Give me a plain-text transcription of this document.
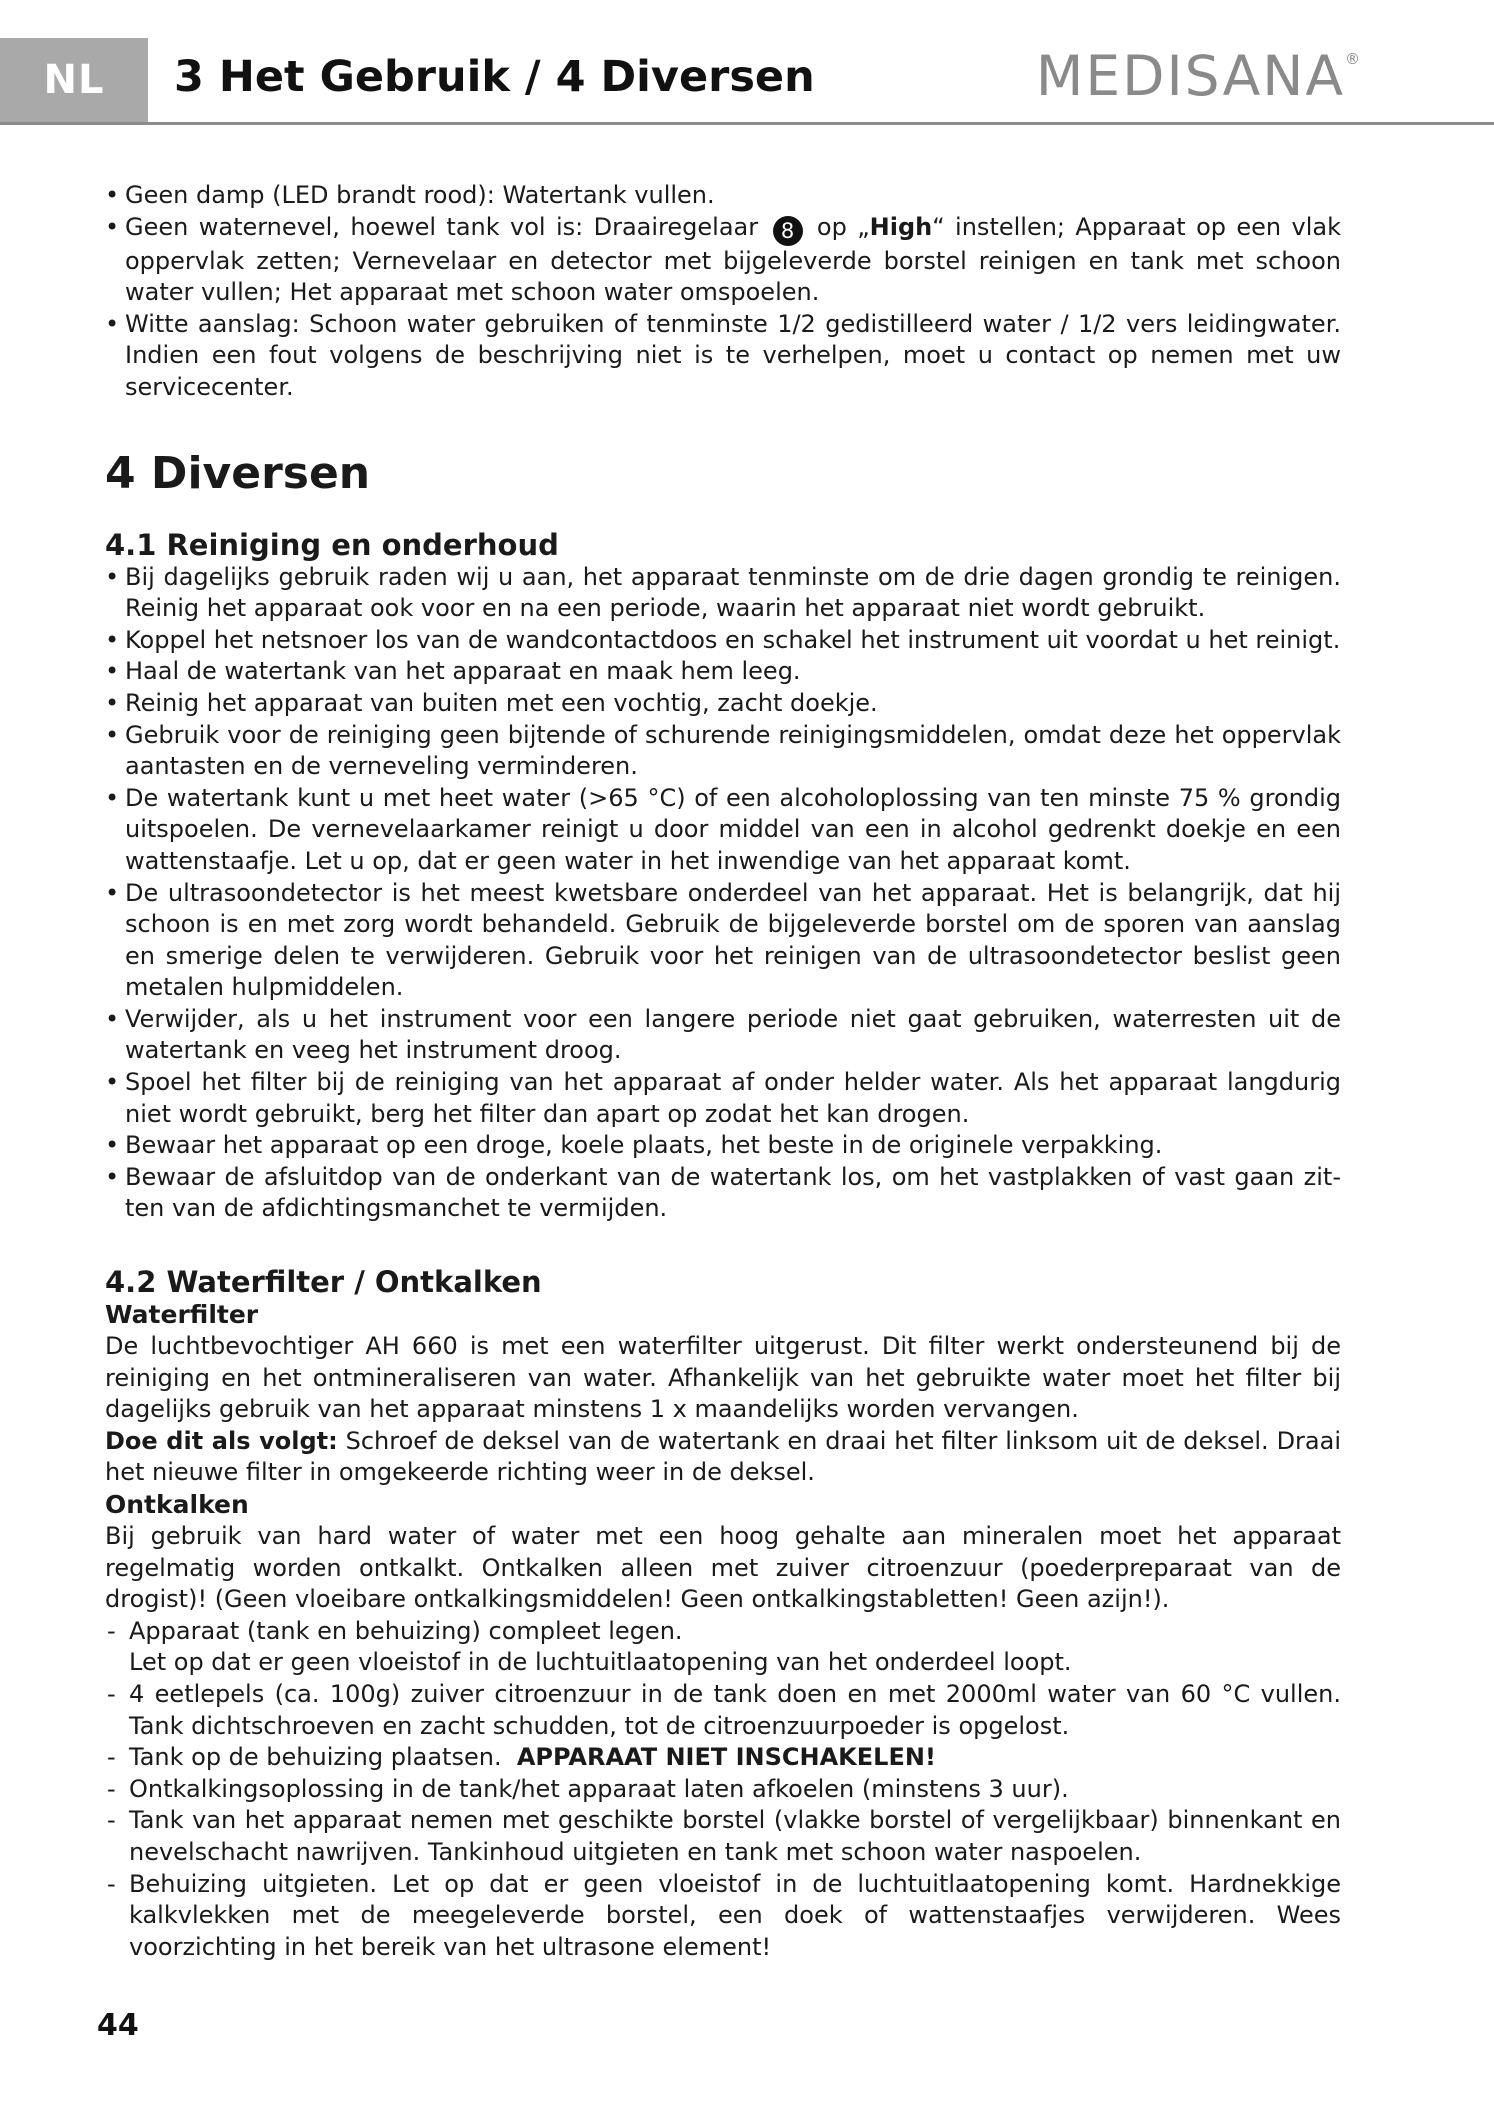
NL	3 Het Gebruik / 4 Diversen	MEDISANA®
• Geen damp (LED brandt rood): Watertank vullen.
• Geen waternevel, hoewel tank vol is: Draairegelaar 8 op „High“ instellen; Apparaat op een vlak oppervlak zetten; Vernevelaar en detector met bijgeleverde borstel reinigen en tank met schoon water vullen; Het apparaat met schoon water omspoelen.
• Witte aanslag: Schoon water gebruiken of tenminste 1/2 gedistilleerd water / 1/2 vers leidingwater. Indien een fout volgens de beschrijving niet is te verhelpen, moet u contact op nemen met uw servicecenter.
4 Diversen
4.1 Reiniging en onderhoud
• Bij dagelijks gebruik raden wij u aan, het apparaat tenminste om de drie dagen grondig te reinigen. Reinig het apparaat ook voor en na een periode, waarin het apparaat niet wordt gebruikt.
• Koppel het netsnoer los van de wandcontactdoos en schakel het instrument uit voordat u het reinigt.
• Haal de watertank van het apparaat en maak hem leeg.
• Reinig het apparaat van buiten met een vochtig, zacht doekje.
• Gebruik voor de reiniging geen bijtende of schurende reinigingsmiddelen, omdat deze het oppervlak aantasten en de verneveling verminderen.
• De watertank kunt u met heet water (>65 °C) of een alcoholoplossing van ten minste 75 % grondig uitspoelen. De vernevelaarkamer reinigt u door middel van een in alcohol gedrenkt doekje en een wattenstaafje. Let u op, dat er geen water in het inwendige van het apparaat komt.
• De ultrasoondetector is het meest kwetsbare onderdeel van het apparaat. Het is belangrijk, dat hij schoon is en met zorg wordt behandeld. Gebruik de bijgeleverde borstel om de sporen van aanslag en smerige delen te verwijderen. Gebruik voor het reinigen van de ultrasoondetector beslist geen metalen hulpmiddelen.
• Verwijder, als u het instrument voor een langere periode niet gaat gebruiken, waterresten uit de watertank en veeg het instrument droog.
• Spoel het filter bij de reiniging van het apparaat af onder helder water. Als het apparaat langdurig niet wordt gebruikt, berg het filter dan apart op zodat het kan drogen.
• Bewaar het apparaat op een droge, koele plaats, het beste in de originele verpakking.
• Bewaar de afsluitdop van de onderkant van de watertank los, om het vastplakken of vast gaan zit-ten van de afdichtingsmanchet te vermijden.
4.2 Waterfilter / Ontkalken
Waterfilter

De luchtbevochtiger AH 660 is met een waterfilter uitgerust. Dit filter werkt ondersteunend bij de reiniging en het ontmineraliseren van water. Afhankelijk van het gebruikte water moet het filter bij dagelijks gebruik van het apparaat minstens 1 x maandelijks worden vervangen.

Doe dit als volgt: Schroef de deksel van de watertank en draai het filter linksom uit de deksel. Draai het nieuwe filter in omgekeerde richting weer in de deksel.

Ontkalken

Bij gebruik van hard water of water met een hoog gehalte aan mineralen moet het apparaat regelmatig worden ontkalkt. Ontkalken alleen met zuiver citroenzuur (poederpreparaat van de drogist)! (Geen vloeibare ontkalkingsmiddelen! Geen ontkalkingstabletten! Geen azijn!).

- Apparaat (tank en behuizing) compleet legen.
Let op dat er geen vloeistof in de luchtuitlaatopening van het onderdeel loopt.
- 4 eetlepels (ca. 100g) zuiver citroenzuur in de tank doen en met 2000ml water van 60 °C vullen. Tank dichtschroeven en zacht schudden, tot de citroenzuurpoeder is opgelost.
- Tank op de behuizing plaatsen. APPARAAT NIET INSCHAKELEN!
- Ontkalkingsoplossing in de tank/het apparaat laten afkoelen (minstens 3 uur).
- Tank van het apparaat nemen met geschikte borstel (vlakke borstel of vergelijkbaar) binnenkant en nevelschacht nawrijven. Tankinhoud uitgieten en tank met schoon water naspoelen.
- Behuizing uitgieten. Let op dat er geen vloeistof in de luchtuitlaatopening komt. Hardnekkige kalkvlekken met de meegeleverde borstel, een doek of wattenstaafjes verwijderen. Wees voorzichting in het bereik van het ultrasone element!
44
